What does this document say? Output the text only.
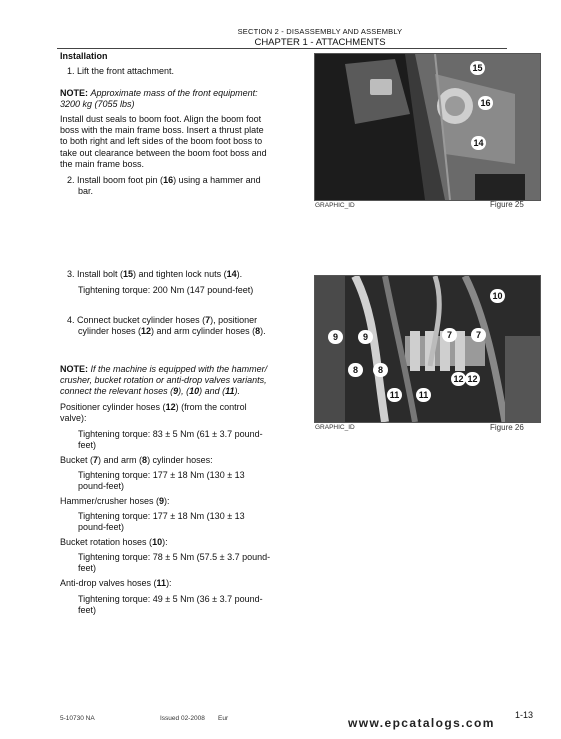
SECTION 2 - DISASSEMBLY AND ASSEMBLY
CHAPTER 1 - ATTACHMENTS
Installation
1. Lift the front attachment.
NOTE: Approximate mass of the front equipment:
3200 kg (7055 lbs)
Install dust seals to boom foot. Align the boom foot
boss with the main frame boss. Insert a thrust plate
to both right and left sides of the boom foot boss to
take out clearance between the boom foot boss and
the main frame boss.
2. Install boom foot pin (16) using a hammer and
bar.
3. Install bolt (15) and tighten lock nuts (14).
Tightening torque: 200 Nm (147 pound-feet)
4. Connect bucket cylinder hoses (7), positioner
cylinder hoses (12) and arm cylinder hoses (8).
NOTE: If the machine is equipped with the hammer/
crusher, bucket rotation or anti-drop valves variants,
connect the relevant hoses (9), (10) and (11).
Positioner cylinder hoses (12) (from the control
valve):
Tightening torque: 83 ± 5 Nm (61 ± 3.7 pound-
feet)
Bucket (7) and arm (8) cylinder hoses:
Tightening torque: 177 ± 18 Nm (130 ± 13
pound-feet)
Hammer/crusher hoses (9):
Tightening torque: 177 ± 18 Nm (130 ± 13
pound-feet)
Bucket rotation hoses (10):
Tightening torque: 78 ± 5 Nm (57.5 ± 3.7 pound-
feet)
Anti-drop valves hoses (11):
Tightening torque: 49 ± 5 Nm (36 ± 3.7 pound-
feet)
15
16
14
GRAPHIC_ID	Figure 25
10
9	9	7	7
8	8
12 12
11	11
GRAPHIC_ID	Figure 26
5-10730 NA	Issued 02-2008 Eur	www.epcatalogs.com
1-13
